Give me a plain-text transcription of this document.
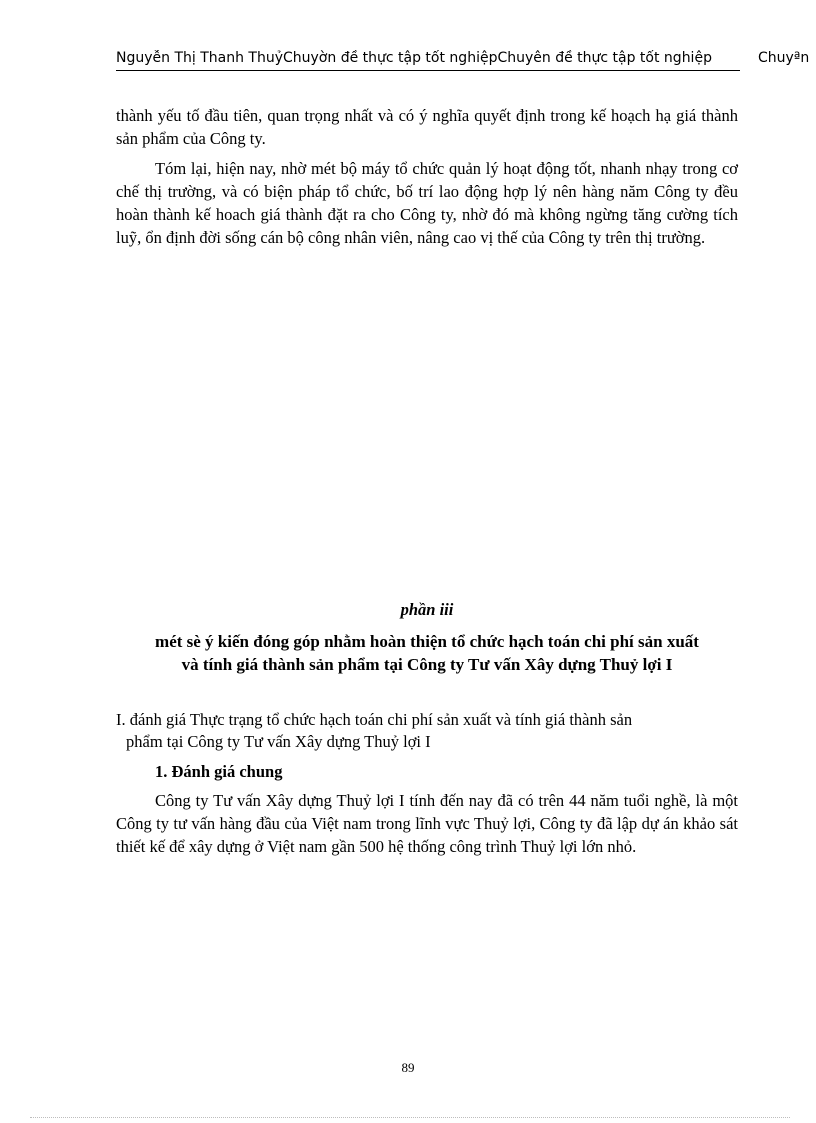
Nguyễn Thị Thanh ThuỷChuyờn đề thực tập tốt nghiệpChuyên đề thực tập tốt nghiệp	Chuyªn

thành yếu tố đầu tiên, quan trọng nhất và có ý nghĩa quyết định trong kế hoạch hạ giá thành sản phẩm của Công ty.

Tóm lại, hiện nay, nhờ mét bộ máy tổ chức quản lý hoạt động tốt, nhanh nhạy trong cơ chế thị trường, và có biện pháp tổ chức, bố trí lao động hợp lý nên hàng năm Công ty đều hoàn thành kế hoach giá thành đặt ra cho Công ty, nhờ đó mà không ngừng tăng cường tích luỹ, ổn định đời sống cán bộ công nhân viên, nâng cao vị thế của Công ty trên thị trường.

phần iii
mét sè ý kiến đóng góp nhằm hoàn thiện tổ chức hạch toán chi phí sản xuất
và tính giá thành sản phẩm tại Công ty Tư vấn Xây dựng Thuỷ lợi I
I. đánh giá Thực trạng tổ chức hạch toán chi phí sản xuất và tính giá thành sản
phẩm tại Công ty Tư vấn Xây dựng Thuỷ lợi I
1. Đánh giá chung

Công ty Tư vấn Xây dựng Thuỷ lợi I tính đến nay đã có trên 44 năm tuổi nghề, là một Công ty tư vấn hàng đầu của Việt nam trong lĩnh vực Thuỷ lợi, Công ty đã lập dự án khảo sát thiết kế để xây dựng ở Việt nam gần 500 hệ thống công trình Thuỷ lợi lớn nhỏ.

89
